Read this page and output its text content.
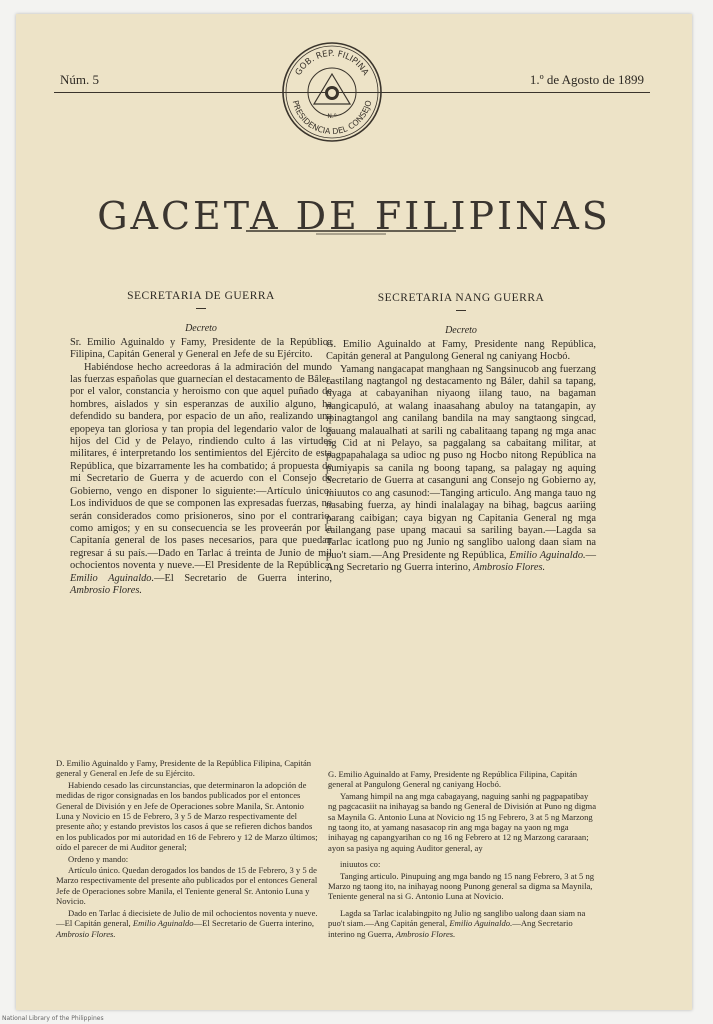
Núm. 5	1.º de Agosto de 1899
GOB. REP. FILIPINA
PRESIDENCIA DEL CONSEJO
N.º
GACETA DE FILIPINAS

SECRETARIA DE GUERRA

Decreto

Sr. Emilio Aguinaldo y Famy, Presidente de la República Filipina, Capitán General y General en Jefe de su Ejército.

Habiéndose hecho acreedoras á la admiración del mundo las fuerzas españolas que guarnecían el destacamento de Bâler, por el valor, constancia y heroismo con que aquel puñado de hombres, aislados y sin esperanzas de auxilio alguno, ha defendido su bandera, por espacio de un año, realizando una epopeya tan gloriosa y tan propia del legendario valor de los hijos del Cid y de Pelayo, rindiendo culto á las virtudes militares, é interpretando los sentimientos del Ejército de esta República, que bizarramente les ha combatido; á propuesta de mi Secretario de Guerra y de acuerdo con el Consejo de Gobierno, vengo en disponer lo siguiente:—Artículo único: Los individuos de que se componen las expresadas fuerzas, no serán considerados como prisioneros, sino por el contrario, como amigos; y en su consecuencia se les proveerán por la Capitanía general de los pases necesarios, para que puedan regresar á su país.—Dado en Tarlac á treinta de Junio de mil ochocientos noventa y nueve.—El Presidente de la República, Emilio Aguinaldo.—El Secretario de Guerra interino, Ambrosio Flores.

SECRETARIA NANG GUERRA

Decreto

G. Emilio Aguinaldo at Famy, Presidente nang República, Capitán general at Pangulong General ng caniyang Hocbó.

Yamang nangacapat manghaan ng Sangsinucob ang fuerzang castilang nagtangol ng destacamento ng Báler, dahil sa tapang, tiyaga at cabayanihan niyaong iilang tauo, na bagaman nangicapuló, at walang inaasahang abuloy na tatangapin, ay ipinagtangol ang canilang bandila na may sangtaong singcad, gauang malaualhati at sarili ng cabalitaang tapang ng mga anac ng Cid at ni Pelayo, sa paggalang sa cabaitang militar, at pagpapahalaga sa udioc ng puso ng Hocbo nitong República na pumiyapis sa canila ng boong tapang, sa palagay ng aquing Secretario de Guerra at casanguni ang Consejo ng Gobierno ay, iniuutos co ang casunod:—Tanging articulo. Ang manga tauo ng nasabing fuerza, ay hindi inalalagay na bihag, bagcus aariing parang caibigan; caya bigyan ng Capitania General ng mga cailangang pase upang macaui sa sariling bayan.—Lagda sa Tarlac icatlong puo ng Junio ng sanglibo ualong daan siam na puo't siam.—Ang Presidente ng República, Emilio Aguinaldo.—Ang Secretario ng Guerra interino, Ambrosio Flores.

D. Emilio Aguinaldo y Famy, Presidente de la República Filipina, Capitán general y General en Jefe de su Ejército.

Habiendo cesado las circunstancias, que determinaron la adopción de medidas de rigor consignadas en los bandos publicados por el entonces General de División y en Jefe de Operaciones sobre Manila, Sr. Antonio Luna y Novicio en 15 de Febrero, 3 y 5 de Marzo respectivamente del presente año; y estando previstos los casos á que se refieren dichos bandos en los publicados por mi autoridad en 16 de Febrero y 12 de Marzo últimos; oído el parecer de mi Auditor general;

Ordeno y mando:

Artículo único. Quedan derogados los bandos de 15 de Febrero, 3 y 5 de Marzo respectivamente del presente año publicados por el entonces General Jefe de Operaciones sobre Manila, el Teniente general Sr. Antonio Luna y Novicio.

Dado en Tarlac á diecisiete de Julio de mil ochocientos noventa y nueve.—El Capitán general, Emilio Aguinaldo—El Secretario de Guerra interino, Ambrosio Flores.

G. Emilio Aguinaldo at Famy, Presidente ng República Filipina, Capitán general at Pangulong General ng caniyang Hocbó.

Yamang himpil na ang mga cabagayang, naguing sanhi ng pagpapatibay ng pagcacasiit na inihayag sa bando ng General de División at Puno ng digma sa Maynila G. Antonio Luna at Novicio ng 15 ng Febrero, 3 at 5 ng Marzong ng taong ito, at yamang nasasacop rin ang mga bagay na yaon ng mga inihayag ng capangyarihan co ng 16 ng Febrero at 12 ng Marzong cararaan; ayon sa pasiya ng aquing Auditor general, ay

iniuutos co:

Tanging articulo. Pinupuing ang mga bando ng 15 nang Febrero, 3 at 5 ng Marzo ng taong ito, na inihayag noong Punong general sa digma sa Maynila, Teniente general na si G. Antonio Luna at Novicio.

Lagda sa Tarlac icalabingpito ng Julio ng sanglibo ualong daan siam na puo't siam.—Ang Capitán general, Emilio Aguinaldo.—Ang Secretario interino ng Guerra, Ambrosio Flores.

National Library of the Philippines
